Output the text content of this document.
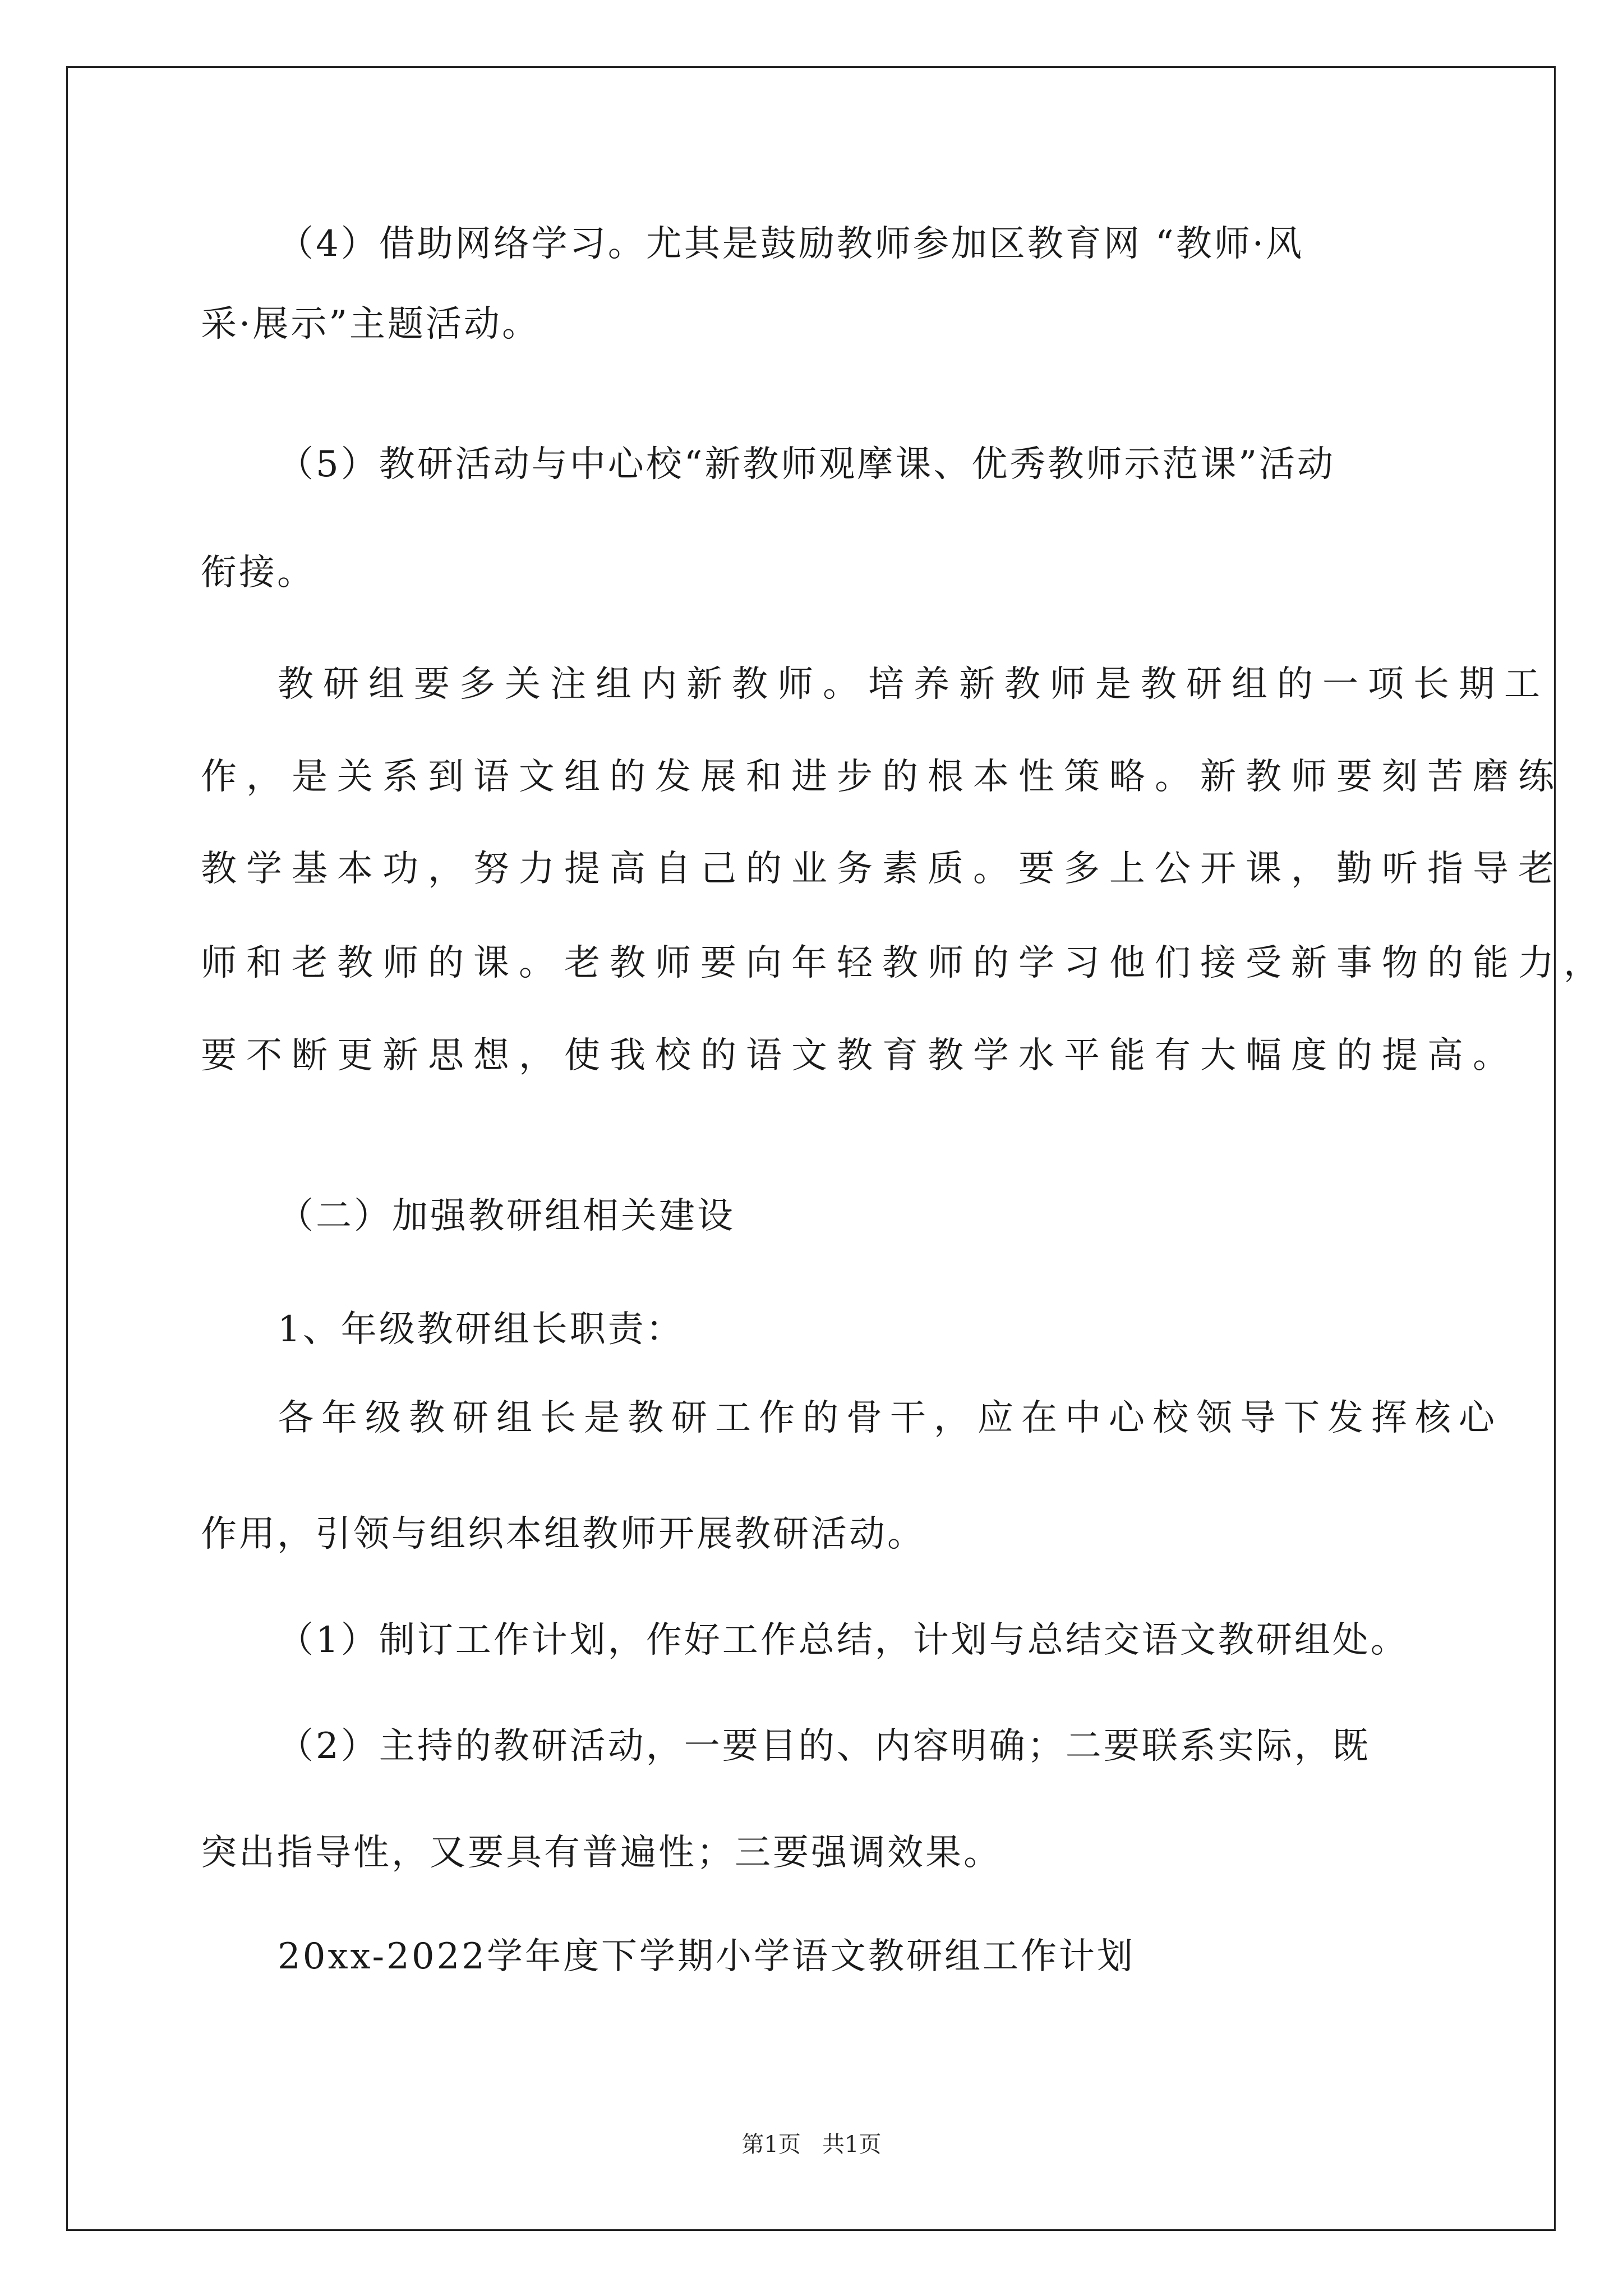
（4）借助网络学习。尤其是鼓励教师参加区教育网 “教师·风
采·展示”主题活动。
（5）教研活动与中心校“新教师观摩课、优秀教师示范课”活动
衔接。
教研组要多关注组内新教师。培养新教师是教研组的一项长期工
作，是关系到语文组的发展和进步的根本性策略。新教师要刻苦磨练
教学基本功，努力提高自己的业务素质。要多上公开课，勤听指导老
师和老教师的课。老教师要向年轻教师的学习他们接受新事物的能力，
要不断更新思想，使我校的语文教育教学水平能有大幅度的提高。
（二）加强教研组相关建设
1、年级教研组长职责：
各年级教研组长是教研工作的骨干，应在中心校领导下发挥核心
作用，引领与组织本组教师开展教研活动。
（1）制订工作计划，作好工作总结，计划与总结交语文教研组处。
（2）主持的教研活动，一要目的、内容明确；二要联系实际，既
突出指导性，又要具有普遍性；三要强调效果。
20xx-2022学年度下学期小学语文教研组工作计划
第1页   共1页
